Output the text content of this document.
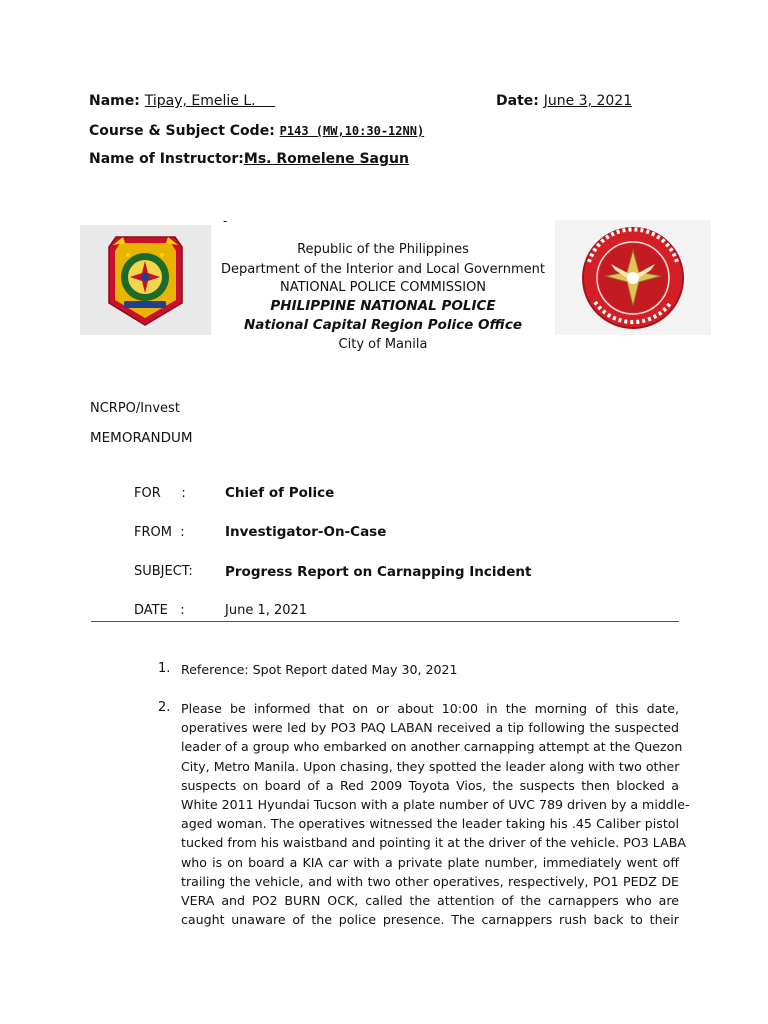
Name: Tipay, Emelie L.	Date: June 3, 2021
Course & Subject Code: P143 (MW,10:30-12NN)
Name of Instructor:Ms. Romelene Sagun
-
Republic of the Philippines
Department of the Interior and Local Government
NATIONAL POLICE COMMISSION
PHILIPPINE NATIONAL POLICE
National Capital Region Police Office
City of Manila
NCRPO/Invest
MEMORANDUM
FOR     :	Chief of Police
FROM  :	Investigator-On-Case
SUBJECT: Progress Report on Carnapping Incident
DATE   :	June 1, 2021
1. Reference: Spot Report dated May 30, 2021

2. Please be informed that on or about 10:00 in the morning of this date,
operatives were led by PO3 PAQ LABAN received a tip following the suspected
leader of a group who embarked on another carnapping attempt at the Quezon
City, Metro Manila. Upon chasing, they spotted the leader along with two other
suspects on board of a Red 2009 Toyota Vios, the suspects then blocked a
White 2011 Hyundai Tucson with a plate number of UVC 789 driven by a middle-
aged woman. The operatives witnessed the leader taking his .45 Caliber pistol
tucked from his waistband and pointing it at the driver of the vehicle. PO3 LABA
who is on board a KIA car with a private plate number, immediately went off
trailing the vehicle, and with two other operatives, respectively, PO1 PEDZ DE
VERA and PO2 BURN OCK, called the attention of the carnappers who are
caught unaware of the police presence. The carnappers rush back to their
